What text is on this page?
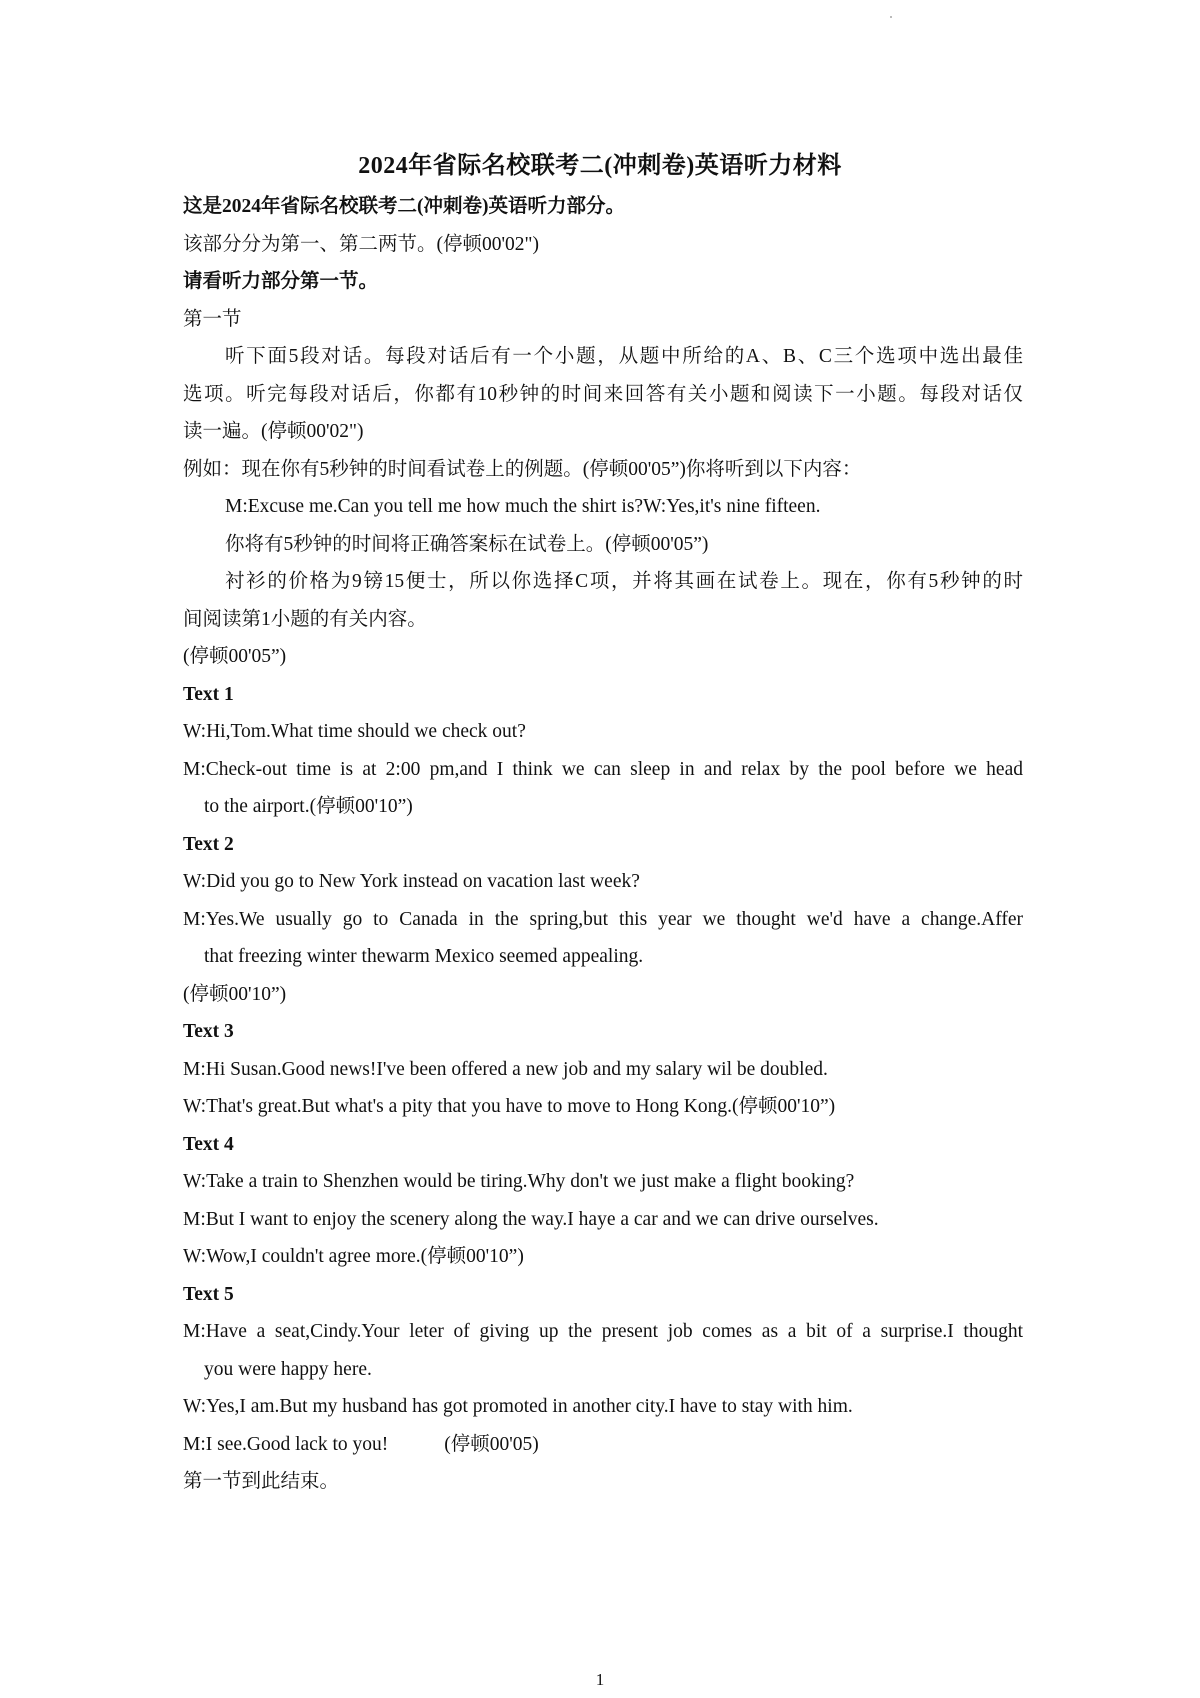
2024年省际名校联考二(冲刺卷)英语听力材料
这是2024年省际名校联考二(冲刺卷)英语听力部分。
该部分分为第一、第二两节。(停顿00'02")
请看听力部分第一节。
第一节
听下面5段对话。每段对话后有一个小题，从题中所给的A、B、C三个选项中选出最佳
选项。听完每段对话后，你都有10秒钟的时间来回答有关小题和阅读下一小题。每段对话仅
读一遍。(停顿00'02")
例如：现在你有5秒钟的时间看试卷上的例题。(停顿00'05”)你将听到以下内容：
M:Excuse me.Can you tell me how much the shirt is?W:Yes,it's nine fifteen.
你将有5秒钟的时间将正确答案标在试卷上。(停顿00'05”)
衬衫的价格为9镑15便士，所以你选择C项，并将其画在试卷上。现在，你有5秒钟的时
间阅读第1小题的有关内容。
(停顿00'05”)
Text 1
W:Hi,Tom.What time should we check out?
M:Check-out time is at 2:00 pm,and I think we can sleep in and relax by the pool before we head
to the airport.(停顿00'10”)
Text 2
W:Did you go to New York instead on vacation last week?
M:Yes.We usually go to Canada in the spring,but this year we thought we'd have a change.Affer
that freezing winter thewarm Mexico seemed appealing.
(停顿00'10”)
Text 3
M:Hi Susan.Good news!I've been offered a new job and my salary wil be doubled.
W:That's great.But what's a pity that you have to move to Hong Kong.(停顿00'10”)
Text 4
W:Take a train to Shenzhen would be tiring.Why don't we just make a flight booking?
M:But I want to enjoy the scenery along the way.I haye a car and we can drive ourselves.
W:Wow,I couldn't agree more.(停顿00'10”)
Text 5
M:Have a seat,Cindy.Your leter of giving up the present job comes as a bit of a surprise.I thought
you were happy here.
W:Yes,I am.But my husband has got promoted in another city.I have to stay with him.
M:I see.Good lack to you!	(停顿00'05)
第一节到此结束。
1
